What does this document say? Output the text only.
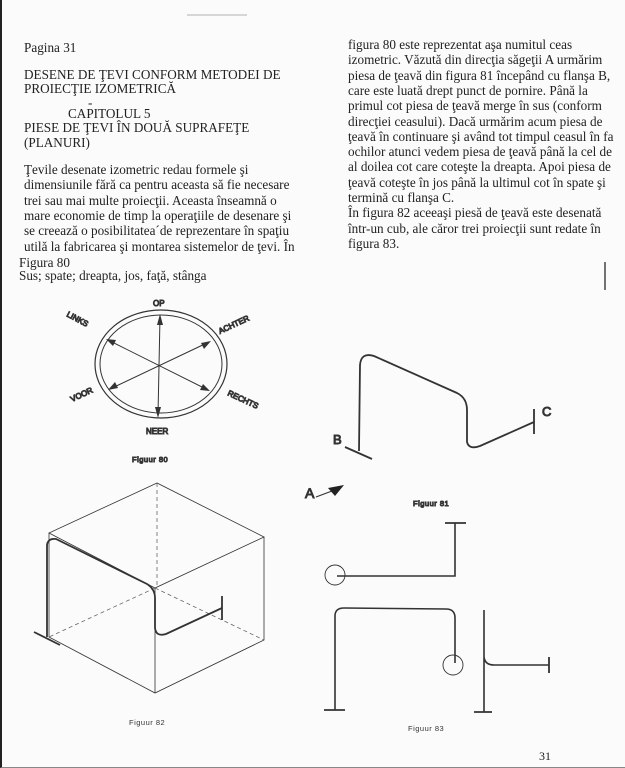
Pagina 31
DESENE DE ŢEVI CONFORM METODEI DE
PROIECŢIE IZOMETRICĂ
-
CAPITOLUL 5
PIESE DE ŢEVI ÎN DOUĂ SUPRAFEŢE
(PLANURI)
Ţevile desenate izometric redau formele şi
dimensiunile fără ca pentru aceasta să fie necesare
trei sau mai multe proiecţii. Aceasta înseamnă o
mare economie de timp la operaţiile de desenare şi
se creează o posibilitatea´de reprezentare în spaţiu
utilă la fabricarea şi montarea sistemelor de ţevi. În
figura 80 este reprezentat aşa numitul ceas
izometric. Văzută din direcţia săgeţii A urmărim
piesa de ţeavă din figura 81 începând cu flanşa B,
care este luată drept punct de pornire. Până la
primul cot piesa de ţeavă merge în sus (conform
direcţiei ceasului). Dacă urmărim acum piesa de
ţeavă în continuare şi având tot timpul ceasul în fa
ochilor atunci vedem piesa de ţeavă până la cel de
al doilea cot care coteşte la dreapta. Apoi piesa de
ţeavă coteşte în jos până la ultimul cot în spate şi
termină cu flanşa C.
În figura 82 aceeaşi piesă de ţeavă este desenată
într-un cub, ale căror trei proiecţii sunt redate în
figura 83.
Figura 80
Sus; spate; dreapta, jos, faţă, stânga
31
OP
LINKS	ACHTER
VOOR	RECHTS
NEER
Figuur 80
B
C
A
Figuur 81
Figuur 82
Figuur 83
